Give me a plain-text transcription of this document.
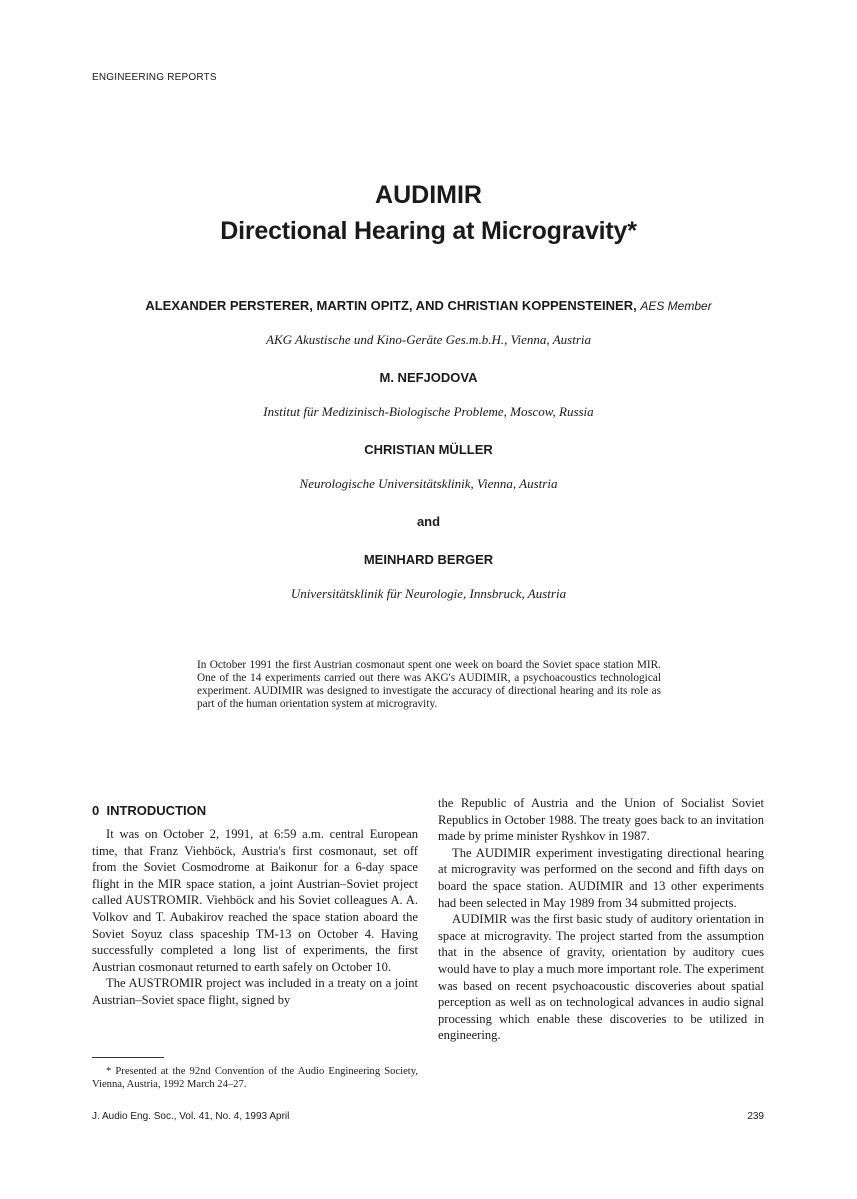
ENGINEERING REPORTS
AUDIMIR
Directional Hearing at Microgravity*
ALEXANDER PERSTERER, MARTIN OPITZ, AND CHRISTIAN KOPPENSTEINER, AES Member
AKG Akustische und Kino-Geräte Ges.m.b.H., Vienna, Austria
M. NEFJODOVA
Institut für Medizinisch-Biologische Probleme, Moscow, Russia
CHRISTIAN MÜLLER
Neurologische Universitätsklinik, Vienna, Austria
and
MEINHARD BERGER
Universitätsklinik für Neurologie, Innsbruck, Austria
In October 1991 the first Austrian cosmonaut spent one week on board the Soviet space station MIR. One of the 14 experiments carried out there was AKG's AUDIMIR, a psychoacoustics technological experiment. AUDIMIR was designed to investigate the accuracy of directional hearing and its role as part of the human orientation system at microgravity.
0 INTRODUCTION

It was on October 2, 1991, at 6:59 a.m. central European time, that Franz Viehböck, Austria's first cosmonaut, set off from the Soviet Cosmodrome at Baikonur for a 6-day space flight in the MIR space station, a joint Austrian–Soviet project called AUSTROMIR. Viehböck and his Soviet colleagues A. A. Volkov and T. Aubakirov reached the space station aboard the Soviet Soyuz class spaceship TM-13 on October 4. Having successfully completed a long list of experiments, the first Austrian cosmonaut returned to earth safely on October 10.

The AUSTROMIR project was included in a treaty on a joint Austrian–Soviet space flight, signed by

the Republic of Austria and the Union of Socialist Soviet Republics in October 1988. The treaty goes back to an invitation made by prime minister Ryshkov in 1987.

The AUDIMIR experiment investigating directional hearing at microgravity was performed on the second and fifth days on board the space station. AUDIMIR and 13 other experiments had been selected in May 1989 from 34 submitted projects.

AUDIMIR was the first basic study of auditory orientation in space at microgravity. The project started from the assumption that in the absence of gravity, orientation by auditory cues would have to play a much more important role. The experiment was based on recent psychoacoustic discoveries about spatial perception as well as on technological advances in audio signal processing which enable these discoveries to be utilized in engineering.

* Presented at the 92nd Convention of the Audio Engineering Society, Vienna, Austria, 1992 March 24–27.
J. Audio Eng. Soc., Vol. 41, No. 4, 1993 April	239
